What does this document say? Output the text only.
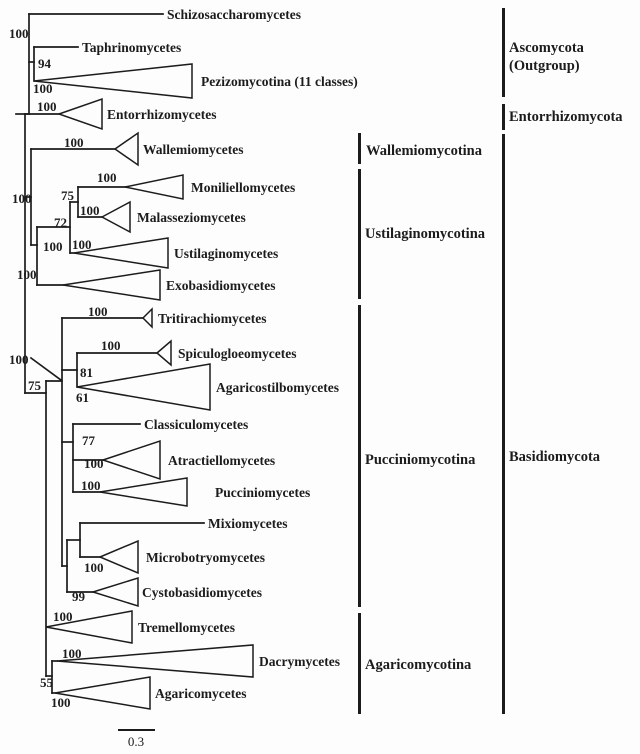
Schizosaccharomycetes
Taphrinomycetes
Pezizomycotina (11 classes)
Entorrhizomycetes
Wallemiomycetes
Moniliellomycetes
Malasseziomycetes
Ustilaginomycetes
Exobasidiomycetes
Tritirachiomycetes
Spiculogloeomycetes
Agaricostilbomycetes
Classiculomycetes
Atractiellomycetes
Pucciniomycetes
Mixiomycetes
Microbotryomycetes
Cystobasidiomycetes
Tremellomycetes
Dacrymycetes
Agaricomycetes
100
94
100
100
100
100
100
75
100
72
100 100
100
100
100
100
81
61
75
77
100
100
100
99
100
100
55
100
Wallemiomycotina
Ustilaginomycotina
Pucciniomycotina
Agaricomycotina
Ascomycota
(Outgroup)
Entorrhizomycota
Basidiomycota
0.3
